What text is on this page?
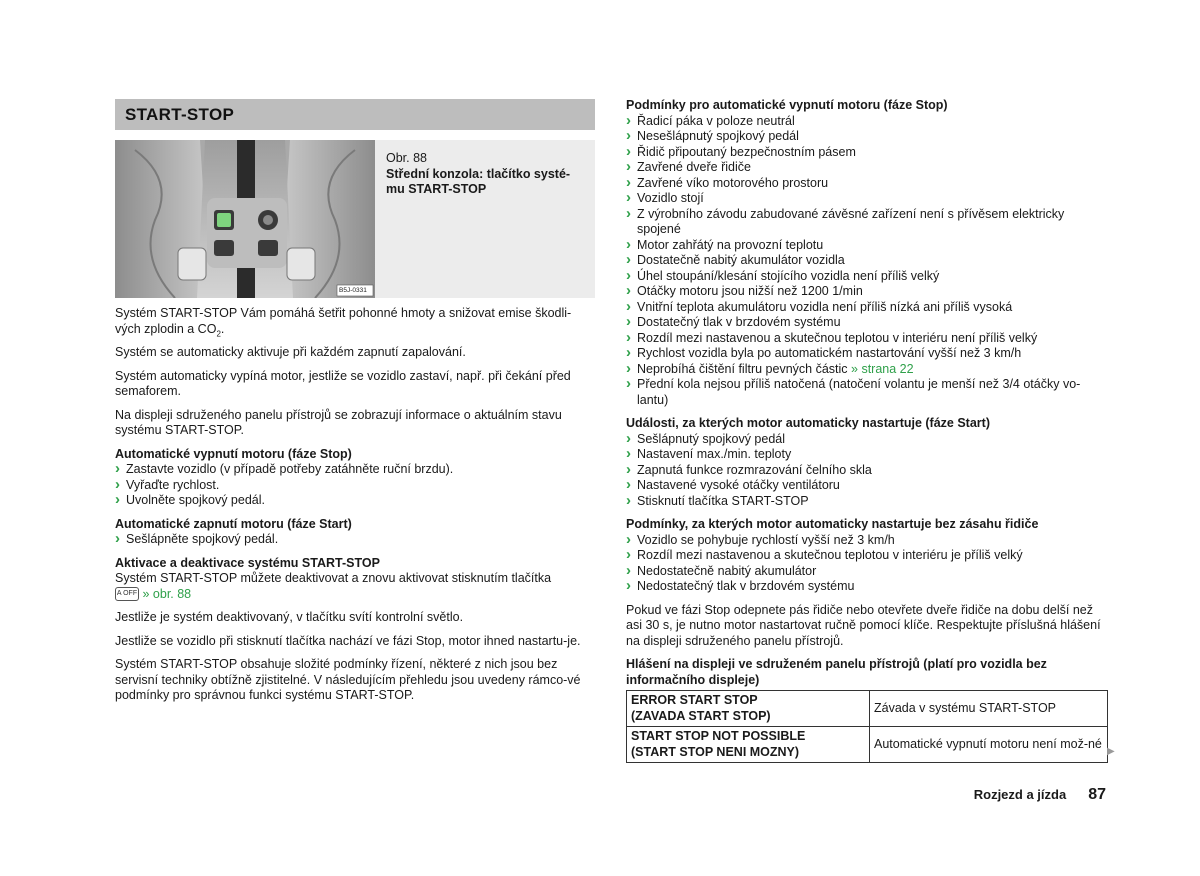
START-STOP
B5J-0331
Obr. 88
Střední konzola: tlačítko systé-
mu START-STOP

Systém START-STOP Vám pomáhá šetřit pohonné hmoty a snižovat emise škodli-vých zplodin a $CO_2$.

Systém se automaticky aktivuje při každém zapnutí zapalování.

Systém automaticky vypíná motor, jestliže se vozidlo zastaví, např. při čekání před semaforem.

Na displeji sdruženého panelu přístrojů se zobrazují informace o aktuálním stavu systému START-STOP.

Automatické vypnutí motoru (fáze Stop)
› Zastavte vozidlo (v případě potřeby zatáhněte ruční brzdu).
› Vyřaďte rychlost.
› Uvolněte spojkový pedál.
Automatické zapnutí motoru (fáze Start)
› Sešlápněte spojkový pedál.
Aktivace a deaktivace systému START-STOP

Systém START-STOP můžete deaktivovat a znovu aktivovat stisknutím tlačítka
A OFF » obr. 88

Jestliže je systém deaktivovaný, v tlačítku svítí kontrolní světlo.

Jestliže se vozidlo při stisknutí tlačítka nachází ve fázi Stop, motor ihned nastartu-je.

Systém START-STOP obsahuje složité podmínky řízení, některé z nich jsou bez servisní techniky obtížně zjistitelné. V následujícím přehledu jsou uvedeny rámco-vé podmínky pro správnou funkci systému START-STOP.

Podmínky pro automatické vypnutí motoru (fáze Stop)
› Řadicí páka v poloze neutrál
› Nesešlápnutý spojkový pedál
› Řidič připoutaný bezpečnostním pásem
› Zavřené dveře řidiče
› Zavřené víko motorového prostoru
› Vozidlo stojí
› Z výrobního závodu zabudované závěsné zařízení není s přívěsem elektricky spojené
› Motor zahřátý na provozní teplotu
› Dostatečně nabitý akumulátor vozidla
› Úhel stoupání/klesání stojícího vozidla není příliš velký
› Otáčky motoru jsou nižší než 1200 1/min
› Vnitřní teplota akumulátoru vozidla není příliš nízká ani příliš vysoká
› Dostatečný tlak v brzdovém systému
› Rozdíl mezi nastavenou a skutečnou teplotou v interiéru není příliš velký
› Rychlost vozidla byla po automatickém nastartování vyšší než 3 km/h
› Neprobíhá čištění filtru pevných částic » strana 22
› Přední kola nejsou příliš natočená (natočení volantu je menší než 3/4 otáčky vo-lantu)
Události, za kterých motor automaticky nastartuje (fáze Start)
› Sešlápnutý spojkový pedál
› Nastavení max./min. teploty
› Zapnutá funkce rozmrazování čelního skla
› Nastavené vysoké otáčky ventilátoru
› Stisknutí tlačítka START-STOP
Podmínky, za kterých motor automaticky nastartuje bez zásahu řidiče
› Vozidlo se pohybuje rychlostí vyšší než 3 km/h
› Rozdíl mezi nastavenou a skutečnou teplotou v interiéru je příliš velký
› Nedostatečně nabitý akumulátor
› Nedostatečný tlak v brzdovém systému

Pokud ve fázi Stop odepnete pás řidiče nebo otevřete dveře řidiče na dobu delší než asi 30 s, je nutno motor nastartovat ručně pomocí klíče. Respektujte příslušná hlášení na displeji sdruženého panelu přístrojů.

Hlášení na displeji ve sdruženém panelu přístrojů (platí pro vozidla bez informačního displeje)
ERROR START STOP
(ZAVADA START STOP)	Závada v systému START-STOP

START STOP NOT POSSIBLE
(START STOP NENI MOZNY)	Automatické vypnutí motoru není mož-né
▶
Rozjezd a jízda 87
